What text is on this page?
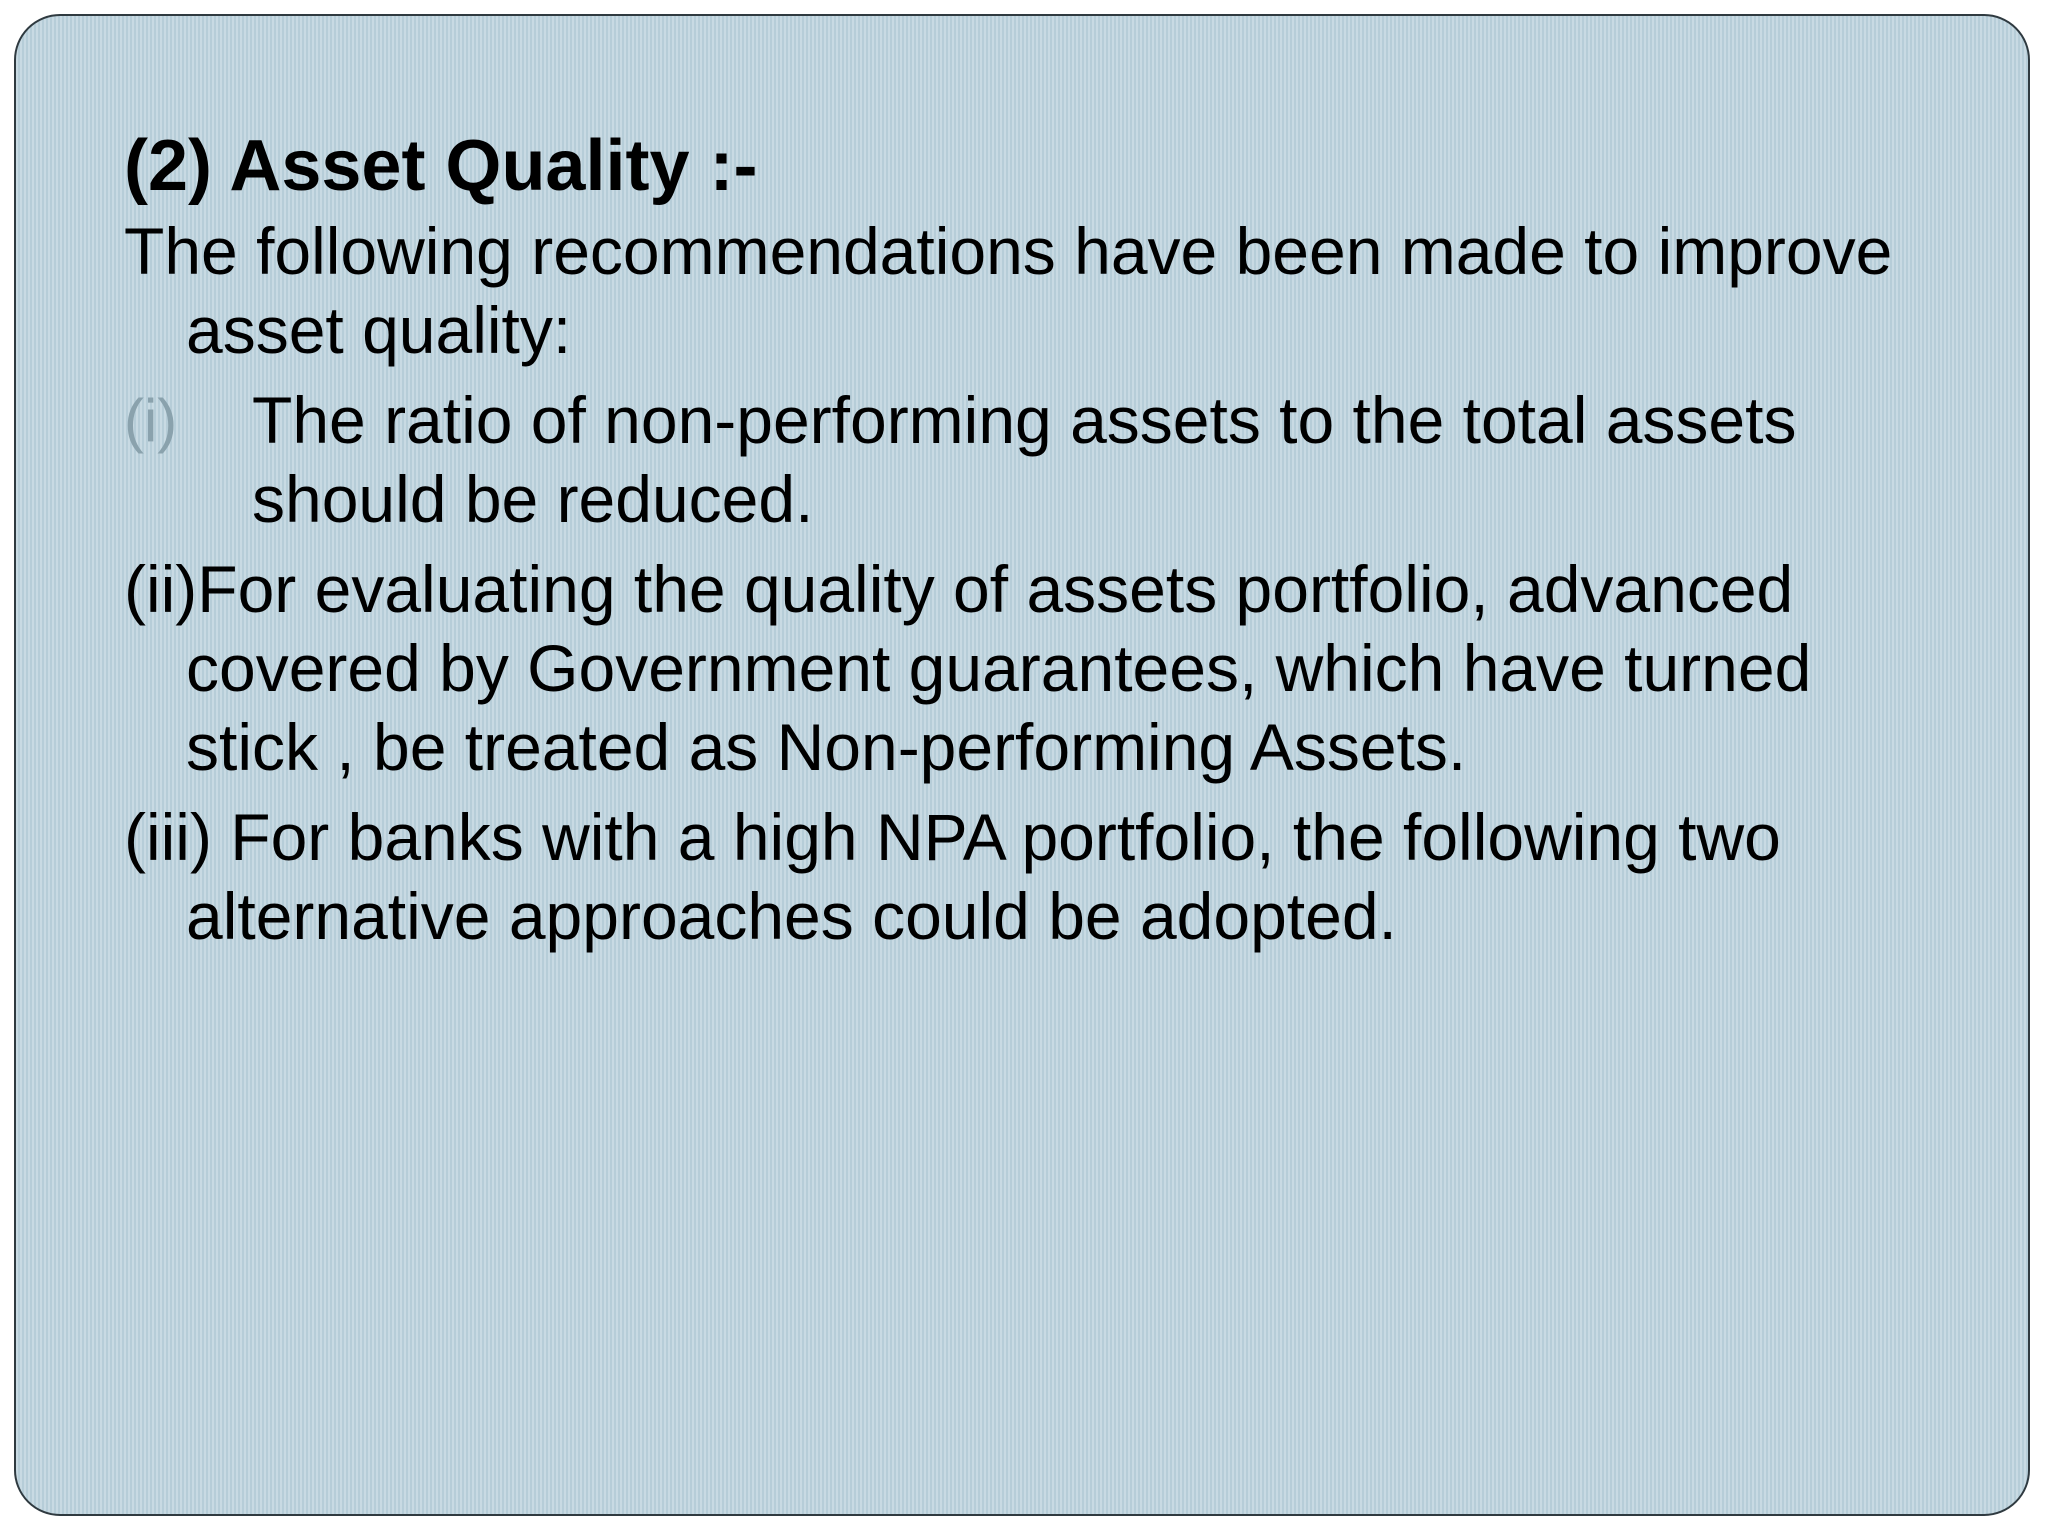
(2) Asset Quality :-
The following recommendations have been made to improve asset quality:
(i) The ratio of non-performing assets to the total assets should be reduced.
(ii)For evaluating the quality of assets portfolio, advanced covered by Government guarantees, which have turned stick , be treated as Non-performing Assets.
(iii) For banks with a high NPA portfolio, the following two alternative approaches could be adopted.
